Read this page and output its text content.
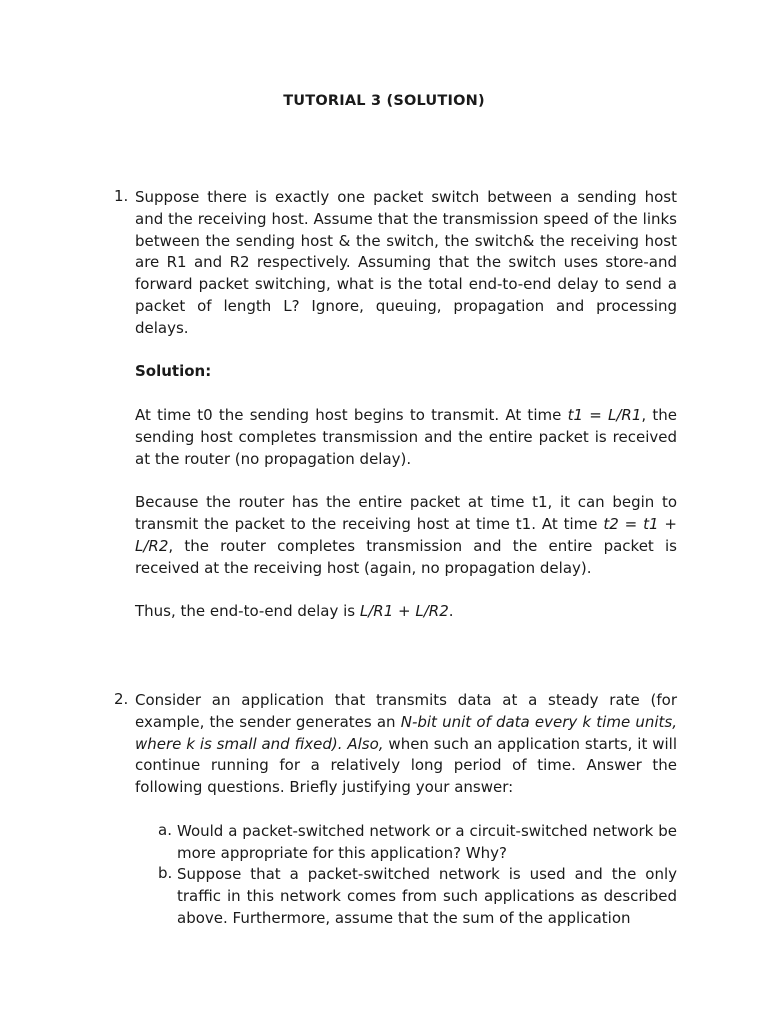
TUTORIAL 3 (SOLUTION)
1. Suppose there is exactly one packet switch between a sending host and the receiving host. Assume that the transmission speed of the links between the sending host & the switch, the switch& the receiving host are R1 and R2 respectively. Assuming that the switch uses store-and forward packet switching, what is the total end-to-end delay to send a packet of length L? Ignore, queuing, propagation and processing delays.

Solution:

At time t0 the sending host begins to transmit. At time t1 = L/R1, the sending host completes transmission and the entire packet is received at the router (no propagation delay).

Because the router has the entire packet at time t1, it can begin to transmit the packet to the receiving host at time t1. At time t2 = t1 + L/R2, the router completes transmission and the entire packet is received at the receiving host (again, no propagation delay).

Thus, the end-to-end delay is L/R1 + L/R2.

2. Consider an application that transmits data at a steady rate (for example, the sender generates an N-bit unit of data every k time units, where k is small and fixed). Also, when such an application starts, it will continue running for a relatively long period of time. Answer the following questions. Briefly justifying your answer:

a. Would a packet-switched network or a circuit-switched network be more appropriate for this application? Why?

b. Suppose that a packet-switched network is used and the only traffic in this network comes from such applications as described above. Furthermore, assume that the sum of the application
